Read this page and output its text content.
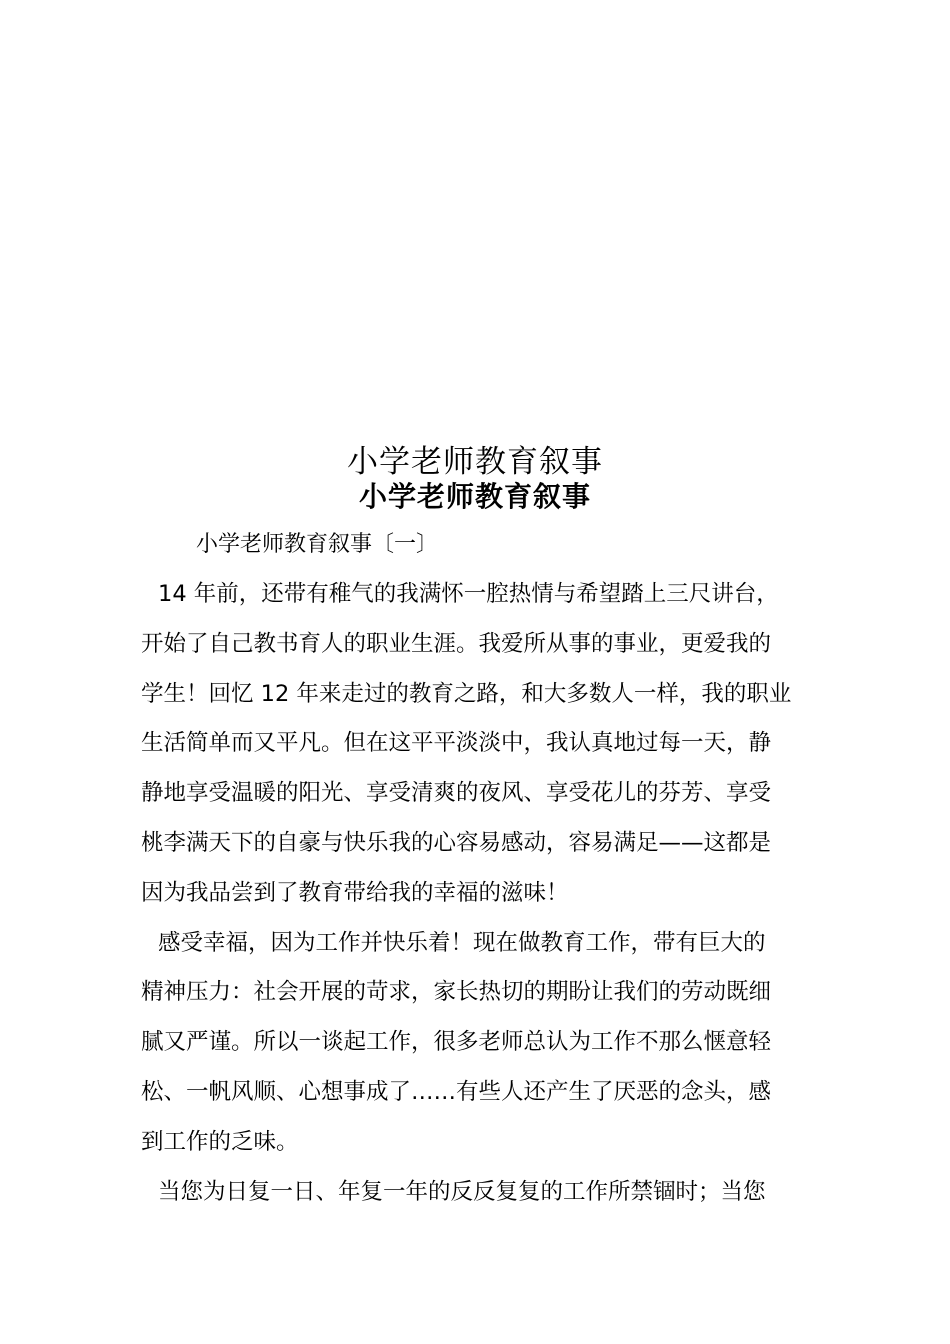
小学老师教育叙事
小学老师教育叙事
小学老师教育叙事〔一〕
14 年前，还带有稚气的我满怀一腔热情与希望踏上三尺讲台，
开始了自己教书育人的职业生涯。我爱所从事的事业，更爱我的
学生！回忆 12 年来走过的教育之路，和大多数人一样，我的职业
生活简单而又平凡。但在这平平淡淡中，我认真地过每一天，静
静地享受温暖的阳光、享受清爽的夜风、享受花儿的芬芳、享受
桃李满天下的自豪与快乐我的心容易感动，容易满足——这都是
因为我品尝到了教育带给我的幸福的滋味！
感受幸福，因为工作并快乐着！现在做教育工作，带有巨大的
精神压力：社会开展的苛求，家长热切的期盼让我们的劳动既细
腻又严谨。所以一谈起工作，很多老师总认为工作不那么惬意轻
松、一帆风顺、心想事成了……有些人还产生了厌恶的念头，感
到工作的乏味。
当您为日复一日、年复一年的反反复复的工作所禁锢时；当您
